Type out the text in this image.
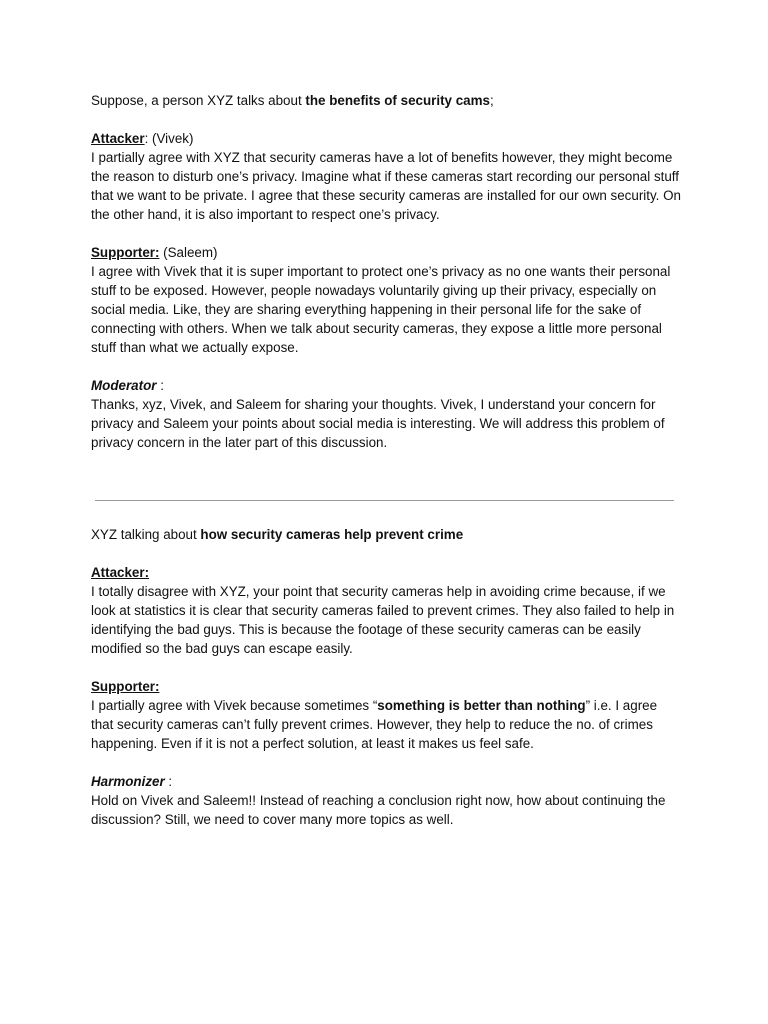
Suppose, a person XYZ talks about the benefits of security cams;

Attacker: (Vivek)

I partially agree with XYZ that security cameras have a lot of benefits however, they might become the reason to disturb one’s privacy. Imagine what if these cameras start recording our personal stuff that we want to be private. I agree that these security cameras are installed for our own security. On the other hand, it is also important to respect one’s privacy.

Supporter: (Saleem)

I agree with Vivek that it is super important to protect one’s privacy as no one wants their personal stuff to be exposed. However, people nowadays voluntarily giving up their privacy, especially on social media. Like, they are sharing everything happening in their personal life for the sake of connecting with others. When we talk about security cameras, they expose a little more personal stuff than what we actually expose.

Moderator :

Thanks, xyz, Vivek, and Saleem for sharing your thoughts. Vivek, I understand your concern for privacy and Saleem your points about social media is interesting. We will address this problem of privacy concern in the later part of this discussion.

XYZ talking about how security cameras help prevent crime

Attacker:

I totally disagree with XYZ, your point that security cameras help in avoiding crime because, if we look at statistics it is clear that security cameras failed to prevent crimes. They also failed to help in identifying the bad guys. This is because the footage of these security cameras can be easily modified so the bad guys can escape easily.

Supporter:

I partially agree with Vivek because sometimes “something is better than nothing” i.e. I agree that security cameras can’t fully prevent crimes. However, they help to reduce the no. of crimes happening. Even if it is not a perfect solution, at least it makes us feel safe.

Harmonizer :

Hold on Vivek and Saleem!! Instead of reaching a conclusion right now, how about continuing the discussion? Still, we need to cover many more topics as well.
